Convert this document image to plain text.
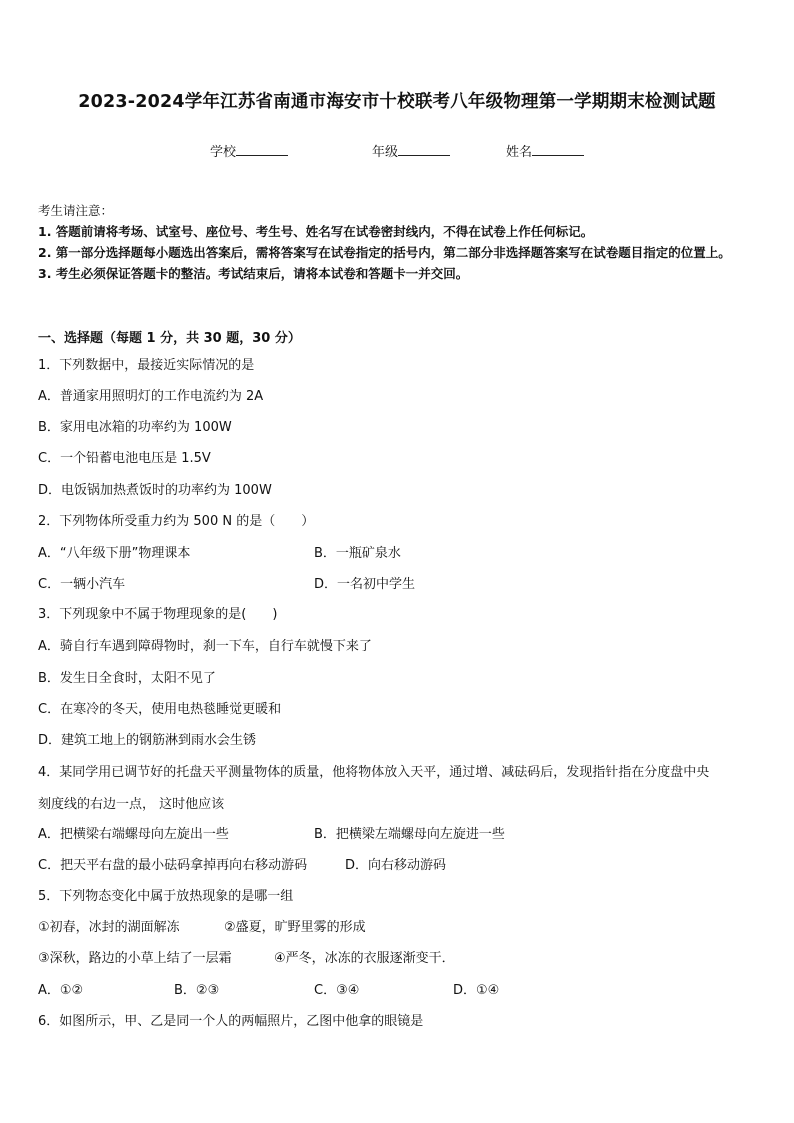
2023-2024学年江苏省南通市海安市十校联考八年级物理第一学期期末检测试题
学校	年级	姓名
考生请注意：
1. 答题前请将考场、试室号、座位号、考生号、姓名写在试卷密封线内，不得在试卷上作任何标记。
2. 第一部分选择题每小题选出答案后，需将答案写在试卷指定的括号内，第二部分非选择题答案写在试卷题目指定的位置上。
3. 考生必须保证答题卡的整洁。考试结束后，请将本试卷和答题卡一并交回。
一、选择题（每题 1 分，共 30 题，30 分）
1．下列数据中，最接近实际情况的是
A．普通家用照明灯的工作电流约为 2A
B．家用电冰箱的功率约为 100W
C．一个铅蓄电池电压是 1.5V
D．电饭锅加热煮饭时的功率约为 100W
2．下列物体所受重力约为 500 N 的是（　　）
A．“八年级下册”物理课本	B．一瓶矿泉水
C．一辆小汽车	D．一名初中学生
3．下列现象中不属于物理现象的是(　　)
A．骑自行车遇到障碍物时，刹一下车，自行车就慢下来了
B．发生日全食时，太阳不见了
C．在寒冷的冬天，使用电热毯睡觉更暖和
D．建筑工地上的钢筋淋到雨水会生锈
4．某同学用已调节好的托盘天平测量物体的质量，他将物体放入天平，通过增、减砝码后，发现指针指在分度盘中央
刻度线的右边一点， 这时他应该
A．把横梁右端螺母向左旋出一些	B．把横梁左端螺母向左旋进一些
C．把天平右盘的最小砝码拿掉再向右移动游码	D．向右移动游码
5．下列物态变化中属于放热现象的是哪一组
①初春，冰封的湖面解冻	②盛夏，旷野里雾的形成
③深秋，路边的小草上结了一层霜	④严冬，冰冻的衣服逐渐变干．
A．①②	B．②③	C．③④	D．①④
6．如图所示，甲、乙是同一个人的两幅照片，乙图中他拿的眼镜是
